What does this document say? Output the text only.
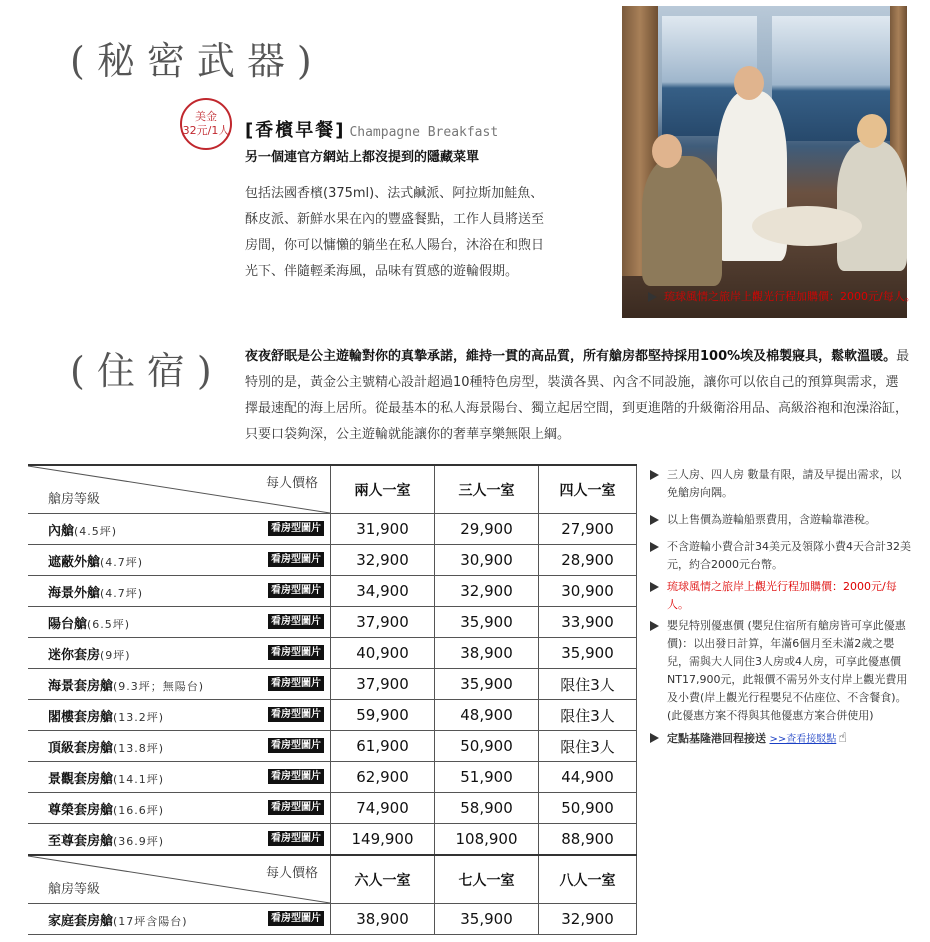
(秘密武器)
美金
32元/1人 [香檳早餐] Champagne Breakfast
另一個連官方網站上都沒提到的隱藏菜單
包括法國香檳(375ml)、法式鹹派、阿拉斯加鮭魚、
酥皮派、新鮮水果在內的豐盛餐點，工作人員將送至
房間，你可以慵懶的躺坐在私人陽台，沐浴在和煦日
光下、伴隨輕柔海風，品味有質感的遊輪假期。
琉球風情之旅岸上觀光行程加購價：2000元/每人。
(住宿) 夜夜舒眠是公主遊輪對你的真摯承諾，維持一貫的高品質，所有艙房都堅持採用100%埃及棉製寢具，鬆軟溫暖。最特別的是，黃金公主號精心設計超過10種特色房型，裝潢各異、內含不同設施，讓你可以依自己的預算與需求，選擇最速配的海上居所。從最基本的私人海景陽台、獨立起居空間，到更進階的升級衛浴用品、高級浴袍和泡澡浴缸，只要口袋夠深，公主遊輪就能讓你的奢華享樂無限上綱。
每人價格
艙房等級	兩人一室	三人一室	四人一室
內艙(4.5坪) 看房型圖片	31,900	29,900	27,900
遮蔽外艙(4.7坪) 看房型圖片	32,900	30,900	28,900
海景外艙(4.7坪) 看房型圖片	34,900	32,900	30,900
陽台艙(6.5坪) 看房型圖片	37,900	35,900	33,900
迷你套房(9坪) 看房型圖片	40,900	38,900	35,900
海景套房艙(9.3坪；無陽台) 看房型圖片	37,900	35,900	限住3人
閣樓套房艙(13.2坪) 看房型圖片	59,900	48,900	限住3人
頂級套房艙(13.8坪) 看房型圖片	61,900	50,900	限住3人
景觀套房艙(14.1坪) 看房型圖片	62,900	51,900	44,900
尊榮套房艙(16.6坪) 看房型圖片	74,900	58,900	50,900
至尊套房艙(36.9坪) 看房型圖片	149,900	108,900	88,900

每人價格
艙房等級	六人一室	七人一室	八人一室
家庭套房艙(17坪含陽台) 看房型圖片	38,900	35,900	32,900
三人房、四人房 數量有限，請及早提出需求，以免艙房向隅。
以上售價為遊輪船票費用，含遊輪靠港稅。
不含遊輪小費合計34美元及領隊小費4天合計32美元，約合2000元台幣。
琉球風情之旅岸上觀光行程加購價：2000元/每人。
嬰兒特別優惠價 (嬰兒住宿所有艙房皆可享此優惠價)：以出發日計算，年滿6個月至未滿2歲之嬰兒，需與大人同住3人房或4人房，可享此優惠價NT17,900元，此報價不需另外支付岸上觀光費用及小費(岸上觀光行程嬰兒不佔座位、不含餐食)。(此優惠方案不得與其他優惠方案合併使用)
定點基隆港回程接送 >>查看接駁點 ☝
